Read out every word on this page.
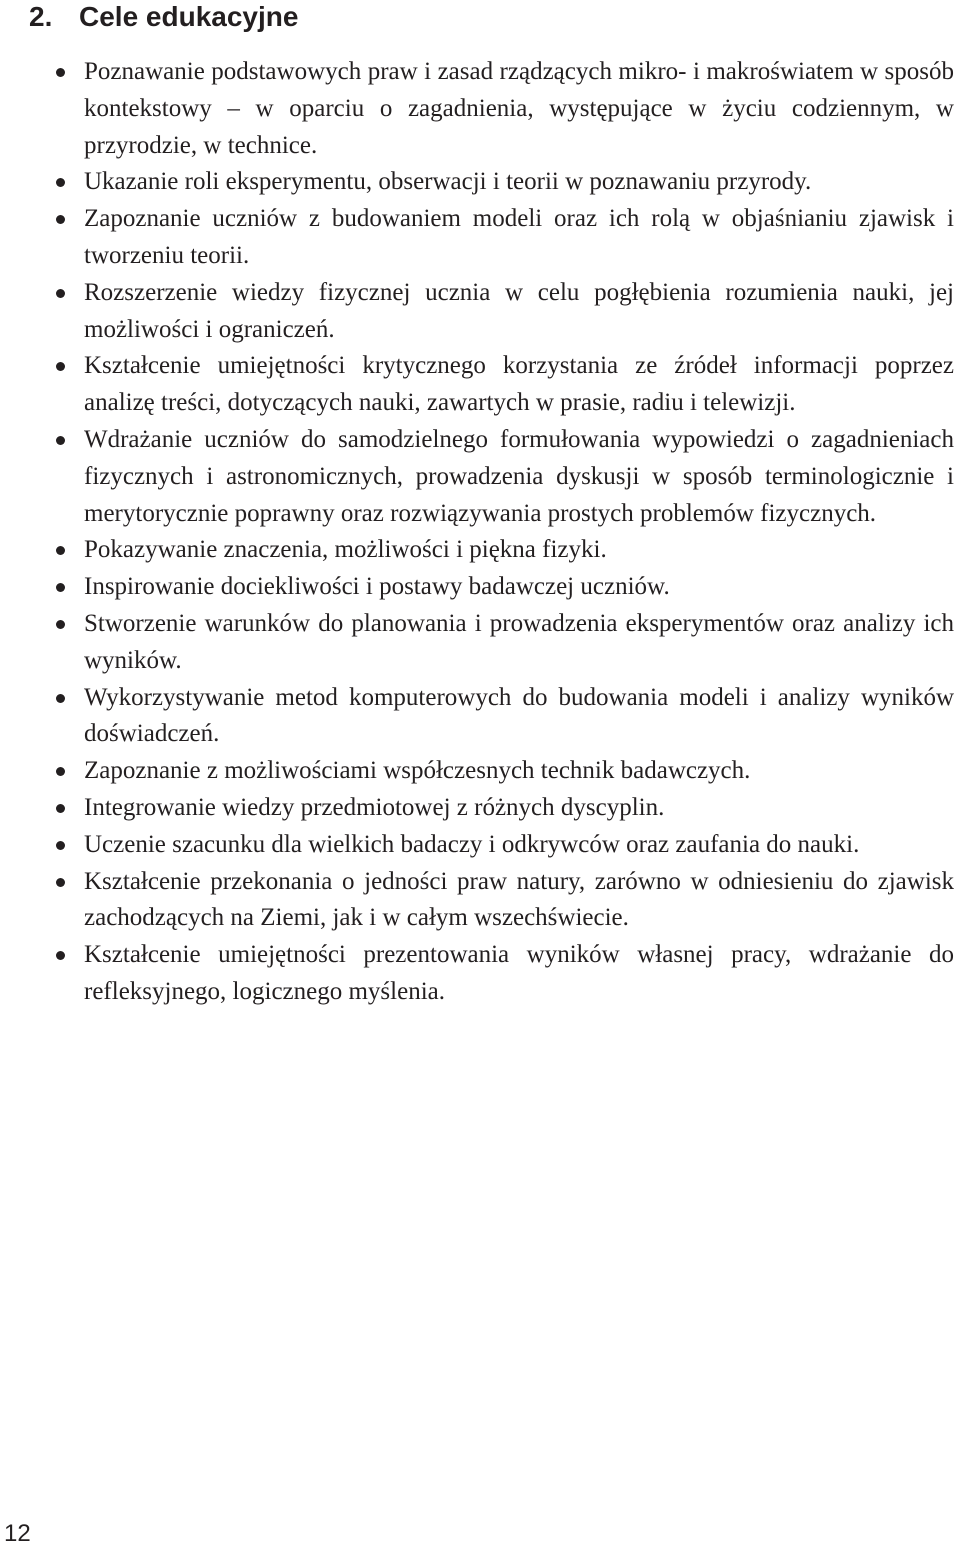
2. Cele edukacyjne
Poznawanie podstawowych praw i zasad rządzących mikro- i makroświatem w sposób kontekstowy – w oparciu o zagadnienia, występujące w życiu codziennym, w przyrodzie, w technice.
Ukazanie roli eksperymentu, obserwacji i teorii w poznawaniu przyrody.
Zapoznanie uczniów z budowaniem modeli oraz ich rolą w objaśnianiu zjawisk i tworzeniu teorii.
Rozszerzenie wiedzy fizycznej ucznia w celu pogłębienia rozumienia nauki, jej możliwości i ograniczeń.
Kształcenie umiejętności krytycznego korzystania ze źródeł informacji poprzez analizę treści, dotyczących nauki, zawartych w prasie, radiu i telewizji.
Wdrażanie uczniów do samodzielnego formułowania wypowiedzi o zagadnieniach fizycznych i astronomicznych, prowadzenia dyskusji w sposób terminologicznie i merytorycznie poprawny oraz rozwiązywania prostych problemów fizycznych.
Pokazywanie znaczenia, możliwości i piękna fizyki.
Inspirowanie dociekliwości i postawy badawczej uczniów.
Stworzenie warunków do planowania i prowadzenia eksperymentów oraz analizy ich wyników.
Wykorzystywanie metod komputerowych do budowania modeli i analizy wyników doświadczeń.
Zapoznanie z możliwościami współczesnych technik badawczych.
Integrowanie wiedzy przedmiotowej z różnych dyscyplin.
Uczenie szacunku dla wielkich badaczy i odkrywców oraz zaufania do nauki.
Kształcenie przekonania o jedności praw natury, zarówno w odniesieniu do zjawisk zachodzących na Ziemi, jak i w całym wszechświecie.
Kształcenie umiejętności prezentowania wyników własnej pracy, wdrażanie do refleksyjnego, logicznego myślenia.
12
